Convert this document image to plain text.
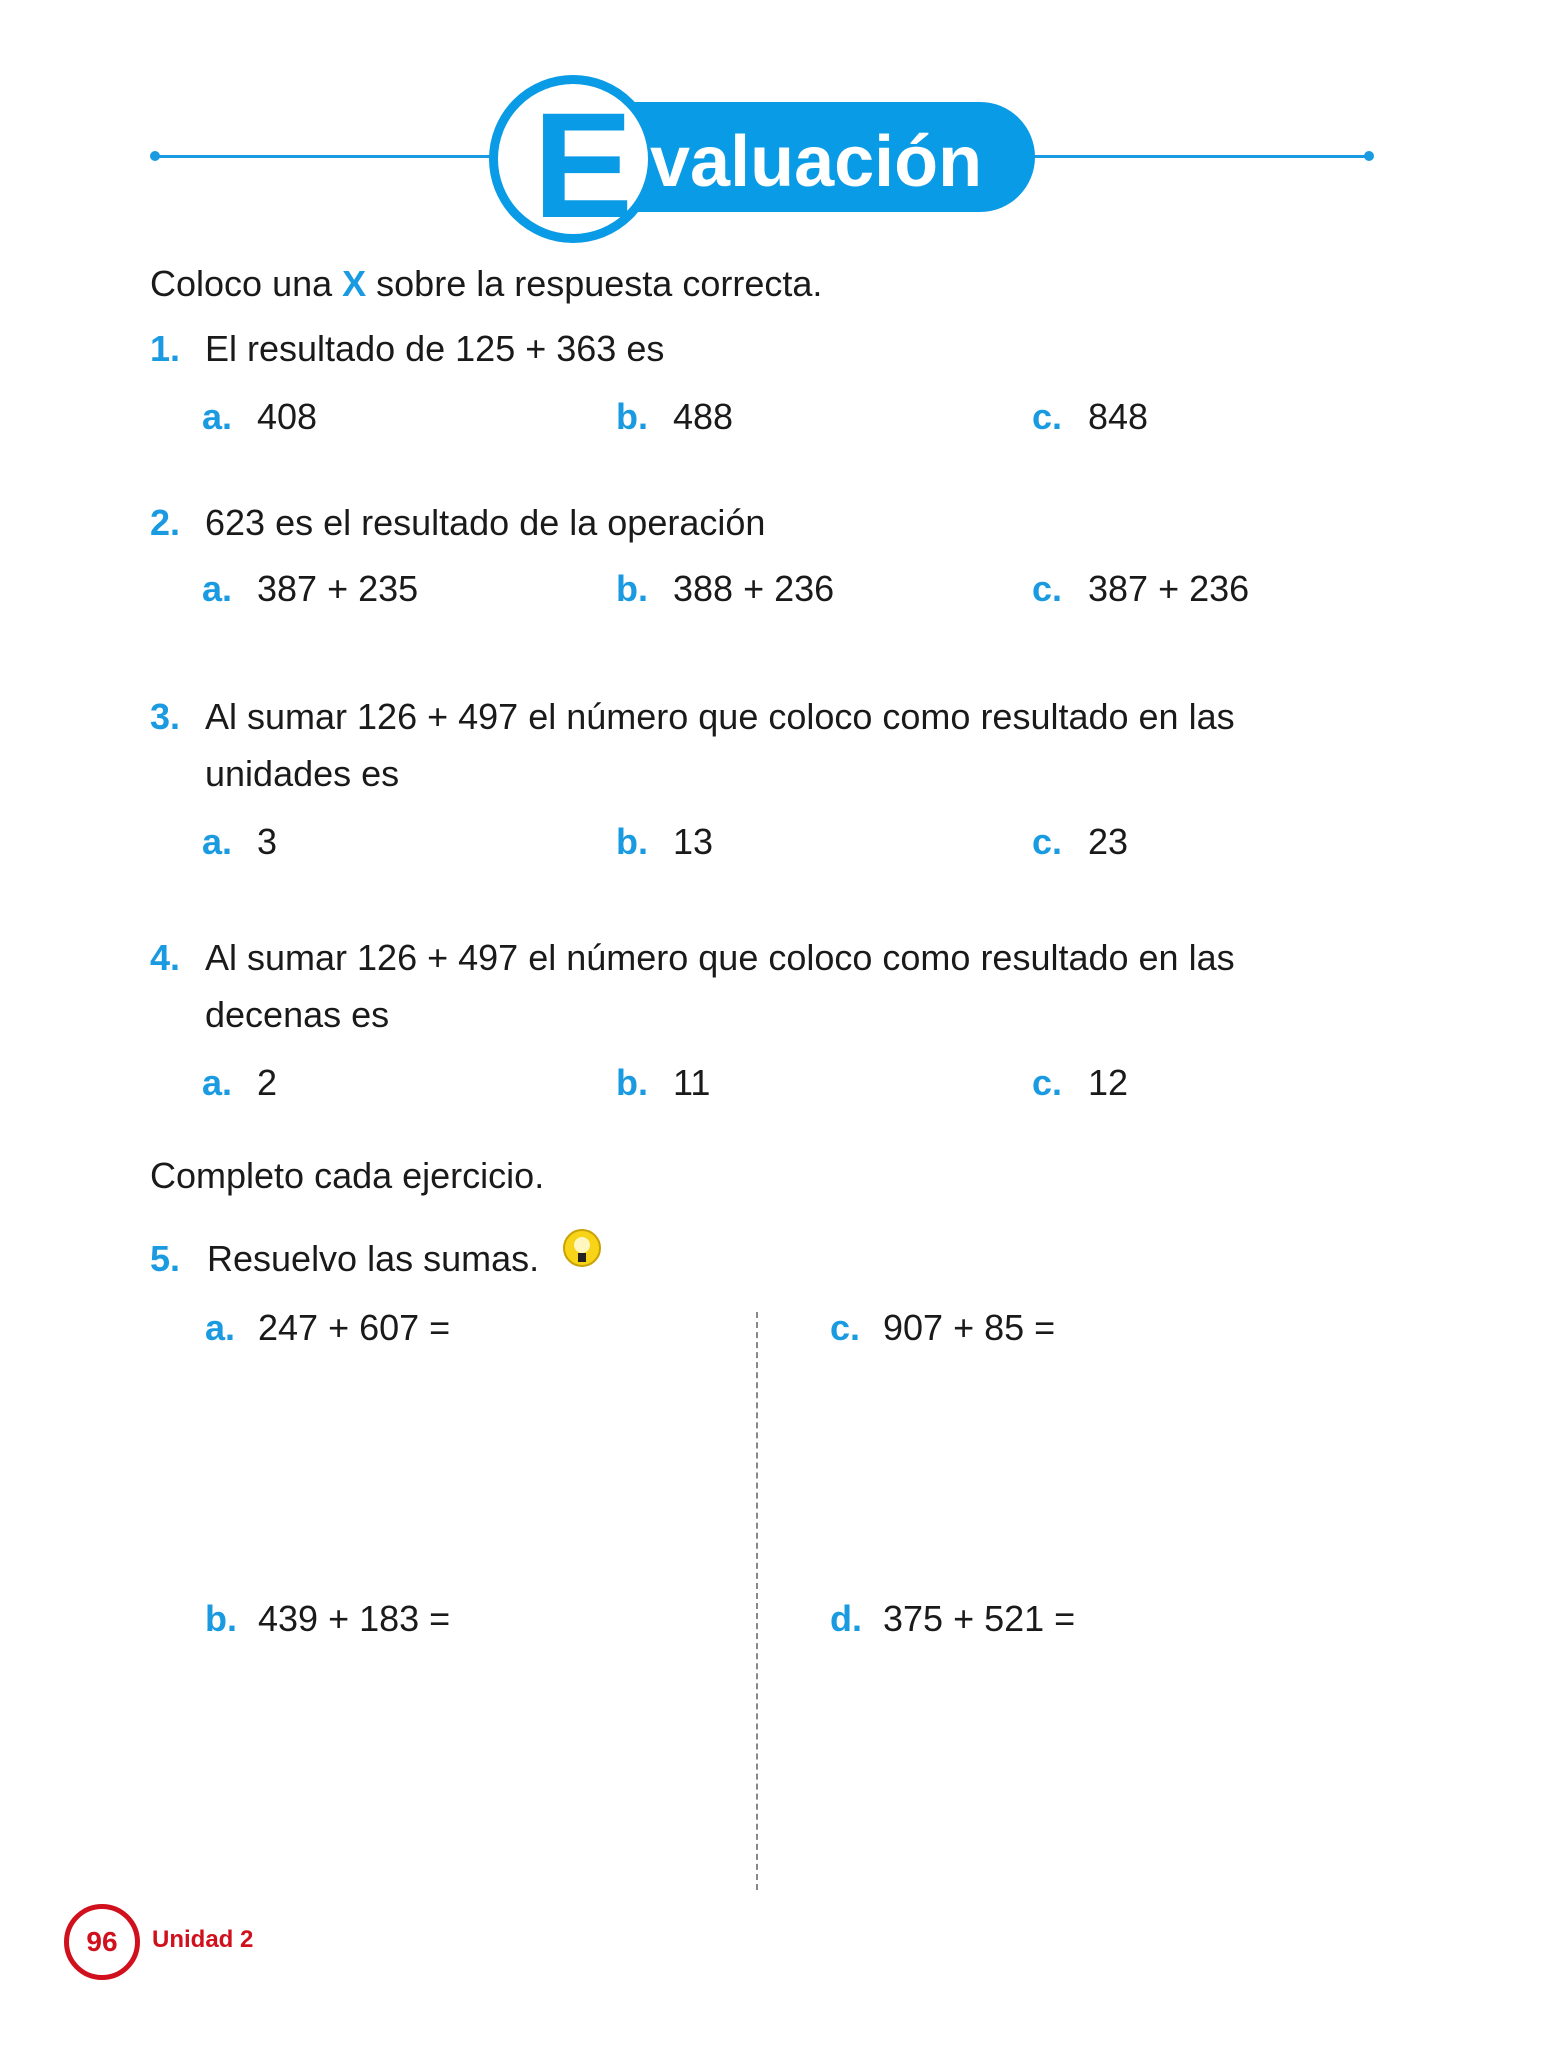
E valuación
Coloco una X sobre la respuesta correcta.
1. El resultado de 125 + 363 es
a. 408	b. 488	c. 848
2. 623 es el resultado de la operación
a. 387 + 235	b. 388 + 236	c. 387 + 236
3. Al sumar 126 + 497 el número que coloco como resultado en las
unidades es
a. 3	b. 13	c. 23
4. Al sumar 126 + 497 el número que coloco como resultado en las
decenas es
a. 2	b. 11	c. 12
Completo cada ejercicio.
5. Resuelvo las sumas.
a. 247 + 607 =
b. 439 + 183 =
c. 907 + 85 =
d. 375 + 521 =
96	Unidad 2
